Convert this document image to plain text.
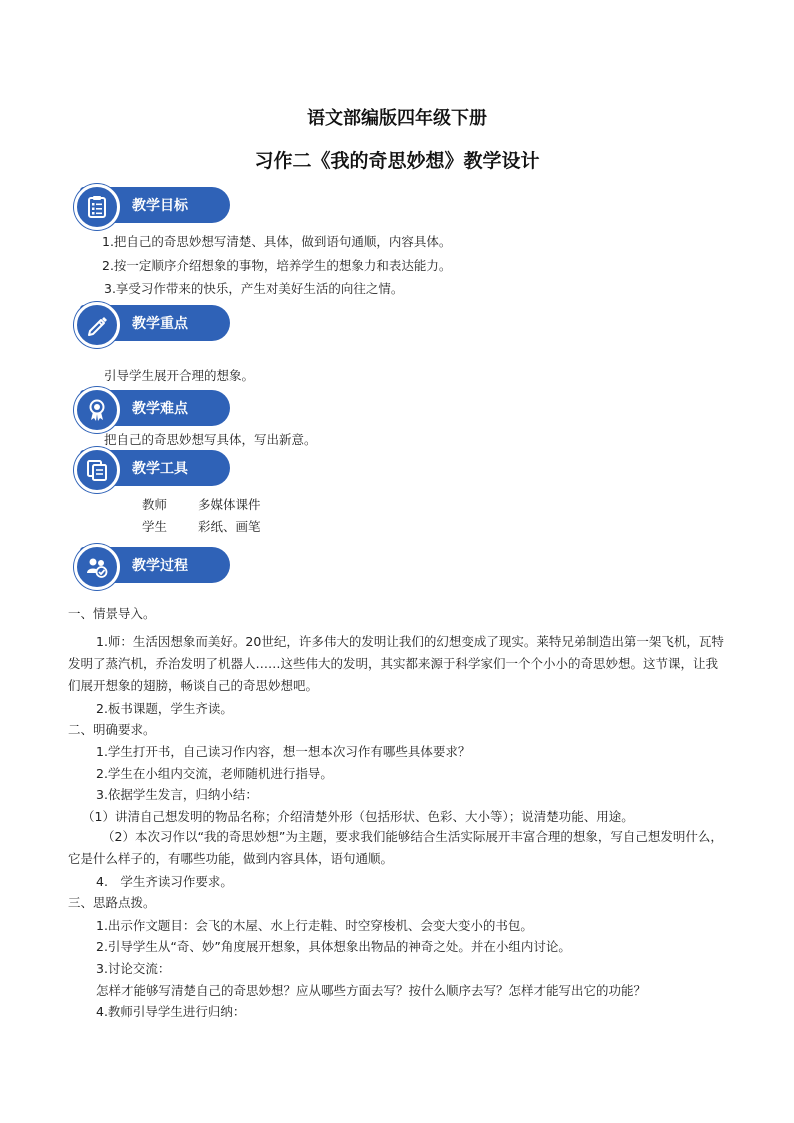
语文部编版四年级下册
习作二《我的奇思妙想》教学设计
教学目标
1.把自己的奇思妙想写清楚、具体，做到语句通顺，内容具体。
2.按一定顺序介绍想象的事物，培养学生的想象力和表达能力。
3.享受习作带来的快乐，产生对美好生活的向往之情。
教学重点
引导学生展开合理的想象。
教学难点
把自己的奇思妙想写具体，写出新意。
教学工具
教师 多媒体课件
学生 彩纸、画笔
教学过程
一、情景导入。
1.师：生活因想象而美好。20世纪，许多伟大的发明让我们的幻想变成了现实。莱特兄弟制造出第一架飞机，瓦特发明了蒸汽机，乔治发明了机器人……这些伟大的发明，其实都来源于科学家们一个个小小的奇思妙想。这节课，让我们展开想象的翅膀，畅谈自己的奇思妙想吧。
2.板书课题，学生齐读。
二、明确要求。
1.学生打开书，自己读习作内容，想一想本次习作有哪些具体要求？
2.学生在小组内交流，老师随机进行指导。
3.依据学生发言，归纳小结：
（1）讲清自己想发明的物品名称；介绍清楚外形（包括形状、色彩、大小等）；说清楚功能、用途。
（2）本次习作以“我的奇思妙想”为主题，要求我们能够结合生活实际展开丰富合理的想象，写自己想发明什么，它是什么样子的，有哪些功能，做到内容具体，语句通顺。
4.　学生齐读习作要求。
三、思路点拨。
1.出示作文题目：会飞的木屋、水上行走鞋、时空穿梭机、会变大变小的书包。
2.引导学生从“奇、妙”角度展开想象，具体想象出物品的神奇之处。并在小组内讨论。
3.讨论交流：
怎样才能够写清楚自己的奇思妙想？应从哪些方面去写？按什么顺序去写？怎样才能写出它的功能？
4.教师引导学生进行归纳：
